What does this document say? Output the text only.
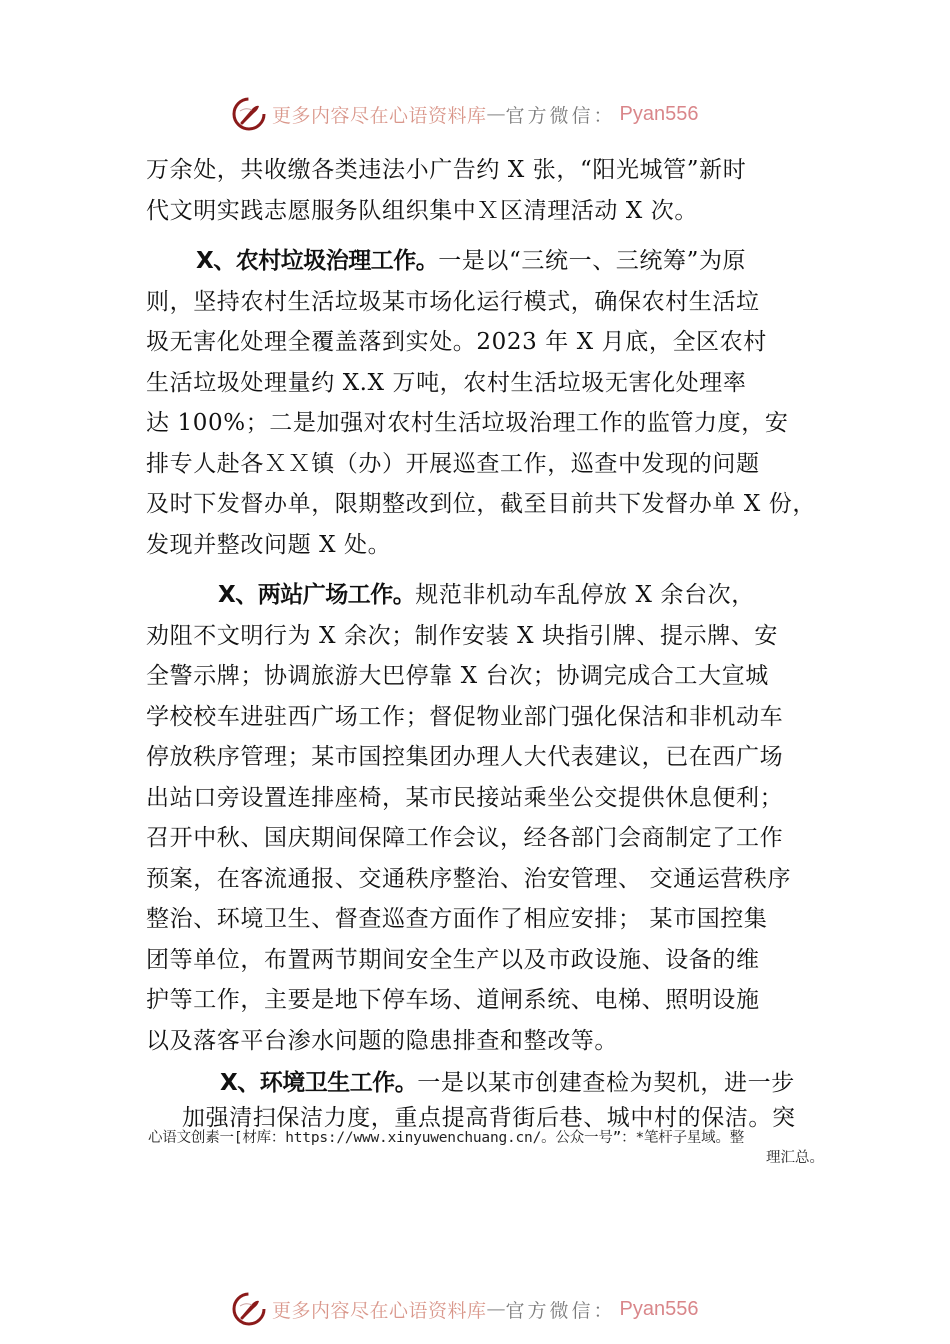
更多内容尽在心语资料库 — 官方微信： Pyan556
万余处，共收缴各类违法小广告约 X 张，“阳光城管”新时
代文明实践志愿服务队组织集中Ｘ区清理活动 X 次。
X、农村垃圾治理工作。一是以“三统一、三统筹”为原
则，坚持农村生活垃圾某市场化运行模式，确保农村生活垃
圾无害化处理全覆盖落到实处。2023 年 X 月底，全区农村
生活垃圾处理量约 X.X 万吨，农村生活垃圾无害化处理率
达 100%；二是加强对农村生活垃圾治理工作的监管力度，安
排专人赴各ＸＸ镇（办）开展巡查工作，巡查中发现的问题
及时下发督办单，限期整改到位，截至目前共下发督办单 X 份，
发现并整改问题 X 处。
X、两站广场工作。规范非机动车乱停放 X 余台次，
劝阻不文明行为 X 余次；制作安装 X 块指引牌、提示牌、安
全警示牌；协调旅游大巴停靠 X 台次；协调完成合工大宣城
学校校车进驻西广场工作；督促物业部门强化保洁和非机动车
停放秩序管理；某市国控集团办理人大代表建议，已在西广场
出站口旁设置连排座椅，某市民接站乘坐公交提供休息便利；
召开中秋、国庆期间保障工作会议，经各部门会商制定了工作
预案，在客流通报、交通秩序整治、治安管理、 交通运营秩序
整治、环境卫生、督查巡查方面作了相应安排； 某市国控集
团等单位，布置两节期间安全生产以及市政设施、设备的维
护等工作，主要是地下停车场、道闸系统、电梯、照明设施
以及落客平台渗水问题的隐患排查和整改等。
X、环境卫生工作。一是以某市创建查检为契机，进一步
加强清扫保洁力度，重点提高背街后巷、城中村的保洁。突
心语文创素一[材库：https://www.xinyuwenchuang.cn/。公众一号”：*笔杆子星域。整
理汇总。
更多内容尽在心语资料库 — 官方微信： Pyan556
